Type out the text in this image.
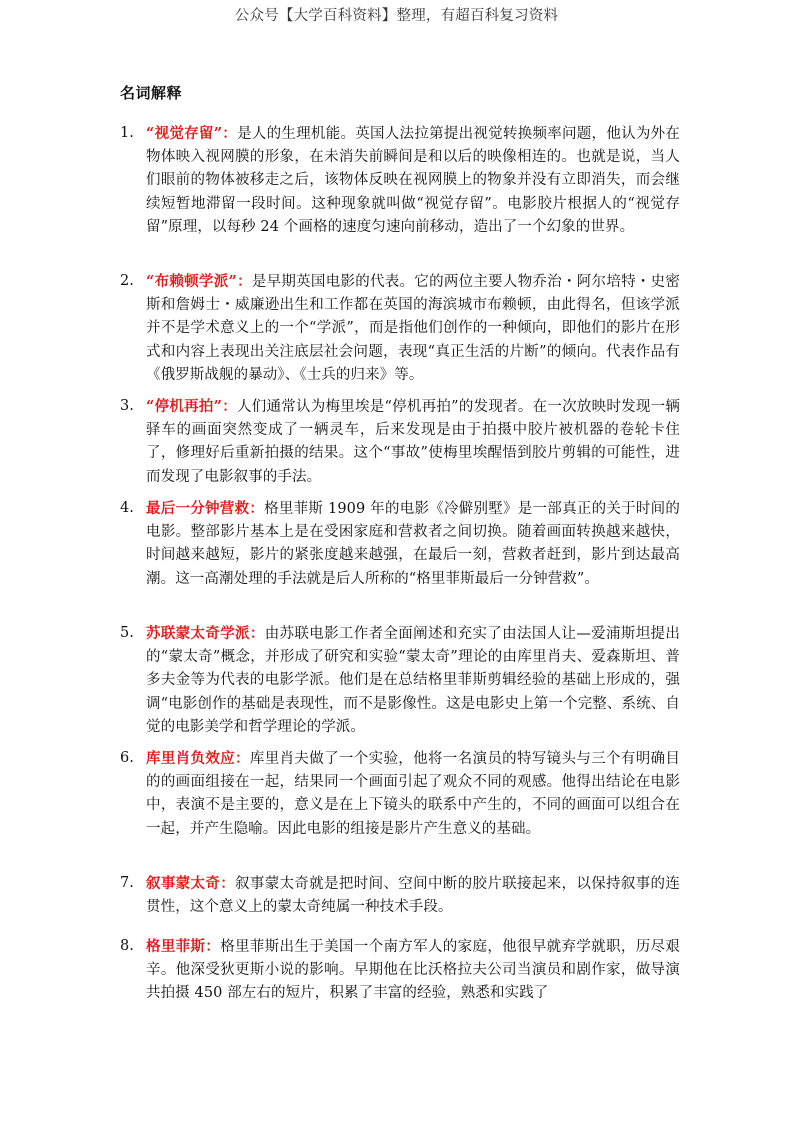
公众号【大学百科资料】整理，有超百科复习资料
名词解释
1. “视觉存留”：是人的生理机能。英国人法拉第提出视觉转换频率问题，他认为外在物体映入视网膜的形象，在未消失前瞬间是和以后的映像相连的。也就是说，当人们眼前的物体被移走之后，该物体反映在视网膜上的物象并没有立即消失，而会继续短暂地滞留一段时间。这种现象就叫做“视觉存留”。电影胶片根据人的“视觉存留”原理，以每秒 24 个画格的速度匀速向前移动，造出了一个幻象的世界。
2. “布赖顿学派”：是早期英国电影的代表。它的两位主要人物乔治・阿尔培特・史密斯和詹姆士・威廉逊出生和工作都在英国的海滨城市布赖顿，由此得名，但该学派并不是学术意义上的一个“学派”，而是指他们创作的一种倾向，即他们的影片在形式和内容上表现出关注底层社会问题，表现“真正生活的片断”的倾向。代表作品有《俄罗斯战舰的暴动》、《士兵的归来》等。
3. “停机再拍”：人们通常认为梅里埃是“停机再拍”的发现者。在一次放映时发现一辆驿车的画面突然变成了一辆灵车，后来发现是由于拍摄中胶片被机器的卷轮卡住了，修理好后重新拍摄的结果。这个“事故”使梅里埃醒悟到胶片剪辑的可能性，进而发现了电影叙事的手法。
4. 最后一分钟营救：格里菲斯 1909 年的电影《冷僻别墅》是一部真正的关于时间的电影。整部影片基本上是在受困家庭和营救者之间切换。随着画面转换越来越快，时间越来越短，影片的紧张度越来越强，在最后一刻，营救者赶到，影片到达最高潮。这一高潮处理的手法就是后人所称的“格里菲斯最后一分钟营救”。
5. 苏联蒙太奇学派：由苏联电影工作者全面阐述和充实了由法国人让—爱浦斯坦提出的“蒙太奇”概念，并形成了研究和实验“蒙太奇”理论的由库里肖夫、爱森斯坦、普多夫金等为代表的电影学派。他们是在总结格里菲斯剪辑经验的基础上形成的，强调“电影创作的基础是表现性，而不是影像性。这是电影史上第一个完整、系统、自觉的电影美学和哲学理论的学派。
6. 库里肖负效应：库里肖夫做了一个实验，他将一名演员的特写镜头与三个有明确目的的画面组接在一起，结果同一个画面引起了观众不同的观感。他得出结论在电影中，表演不是主要的，意义是在上下镜头的联系中产生的，不同的画面可以组合在一起，并产生隐喻。因此电影的组接是影片产生意义的基础。
7. 叙事蒙太奇：叙事蒙太奇就是把时间、空间中断的胶片联接起来，以保持叙事的连贯性，这个意义上的蒙太奇纯属一种技术手段。
8. 格里菲斯：格里菲斯出生于美国一个南方军人的家庭，他很早就弃学就职，历尽艰辛。他深受狄更斯小说的影响。早期他在比沃格拉夫公司当演员和剧作家，做导演共拍摄 450 部左右的短片，积累了丰富的经验，熟悉和实践了
